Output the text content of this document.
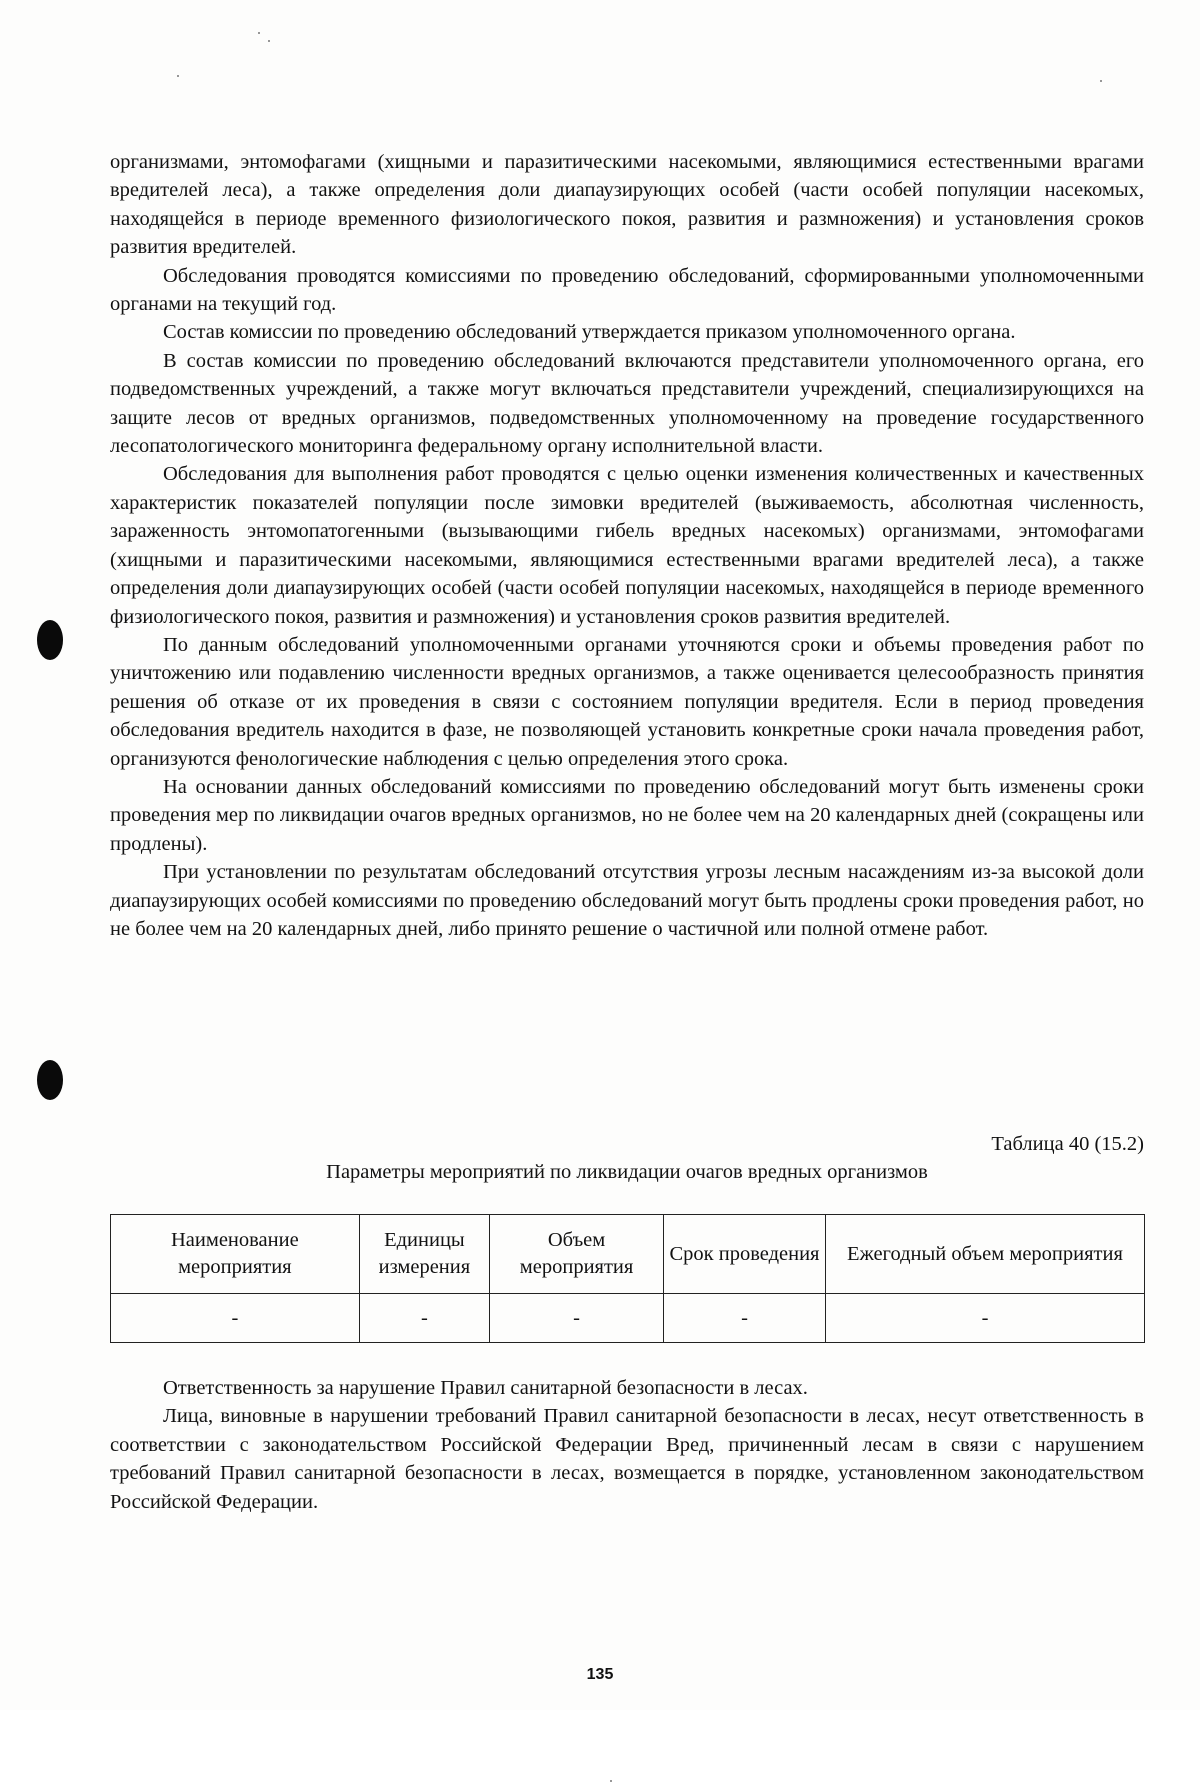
организмами, энтомофагами (хищными и паразитическими насекомыми, являющимися естественными врагами вредителей леса), а также определения доли диапаузирующих особей (части особей популяции насекомых, находящейся в периоде временного физиологического покоя, развития и размножения) и установления сроков развития вредителей.

Обследования проводятся комиссиями по проведению обследований, сформированными уполномоченными органами на текущий год.

Состав комиссии по проведению обследований утверждается приказом уполномоченного органа.

В состав комиссии по проведению обследований включаются представители уполномоченного органа, его подведомственных учреждений, а также могут включаться представители учреждений, специализирующихся на защите лесов от вредных организмов, подведомственных уполномоченному на проведение государственного лесопатологического мониторинга федеральному органу исполнительной власти.

Обследования для выполнения работ проводятся с целью оценки изменения количественных и качественных характеристик показателей популяции после зимовки вредителей (выживаемость, абсолютная численность, зараженность энтомопатогенными (вызывающими гибель вредных насекомых) организмами, энтомофагами (хищными и паразитическими насекомыми, являющимися естественными врагами вредителей леса), а также определения доли диапаузирующих особей (части особей популяции насекомых, находящейся в периоде временного физиологического покоя, развития и размножения) и установления сроков развития вредителей.

По данным обследований уполномоченными органами уточняются сроки и объемы проведения работ по уничтожению или подавлению численности вредных организмов, а также оценивается целесообразность принятия решения об отказе от их проведения в связи с состоянием популяции вредителя. Если в период проведения обследования вредитель находится в фазе, не позволяющей установить конкретные сроки начала проведения работ, организуются фенологические наблюдения с целью определения этого срока.

На основании данных обследований комиссиями по проведению обследований могут быть изменены сроки проведения мер по ликвидации очагов вредных организмов, но не более чем на 20 календарных дней (сокращены или продлены).

При установлении по результатам обследований отсутствия угрозы лесным насаждениям из-за высокой доли диапаузирующих особей комиссиями по проведению обследований могут быть продлены сроки проведения работ, но не более чем на 20 календарных дней, либо принято решение о частичной или полной отмене работ.

Таблица 40 (15.2)
Параметры мероприятий по ликвидации очагов вредных организмов
Наименование мероприятия	Единицы измерения	Объем мероприятия	Срок проведения	Ежегодный объем мероприятия
-	-	-	-	-

Ответственность за нарушение Правил санитарной безопасности в лесах.

Лица, виновные в нарушении требований Правил санитарной безопасности в лесах, несут ответственность в соответствии с законодательством Российской Федерации Вред, причиненный лесам в связи с нарушением требований Правил санитарной безопасности в лесах, возмещается в порядке, установленном законодательством Российской Федерации.

135
